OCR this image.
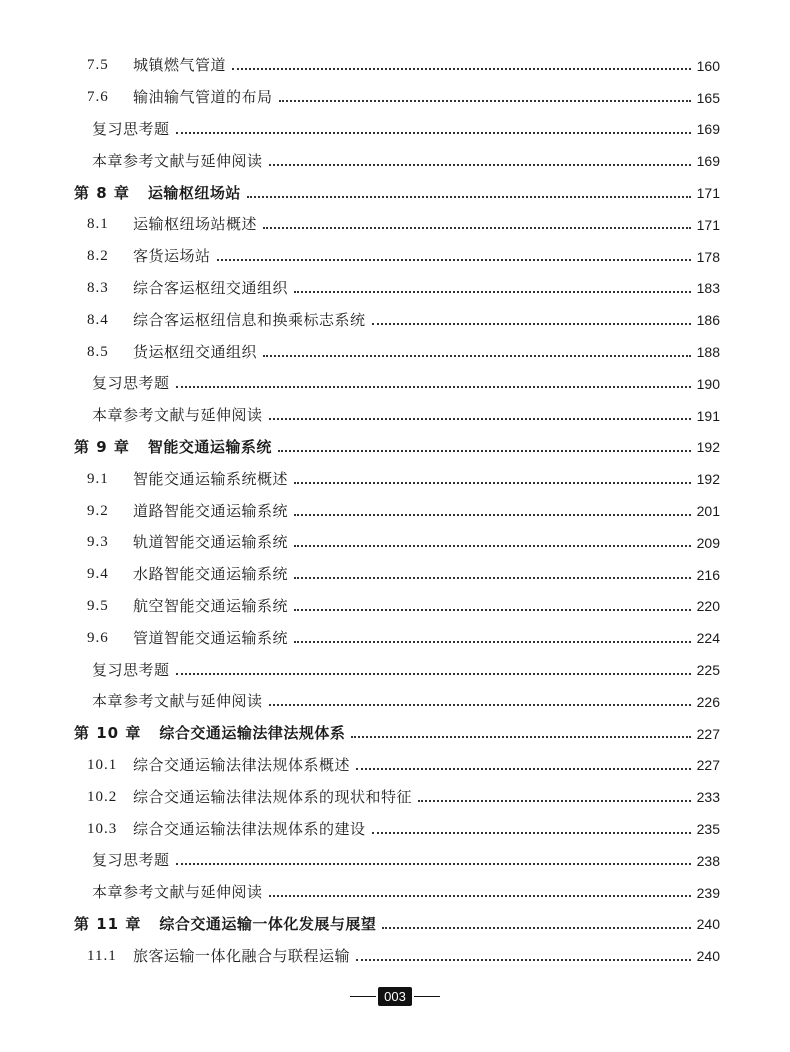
7.5	城镇燃气管道	160
7.6	输油输气管道的布局	165
复习思考题	169
本章参考文献与延伸阅读	169
第 8 章 运输枢纽场站	171
8.1	运输枢纽场站概述	171
8.2	客货运场站	178
8.3	综合客运枢纽交通组织	183
8.4	综合客运枢纽信息和换乘标志系统	186
8.5	货运枢纽交通组织	188
复习思考题	190
本章参考文献与延伸阅读	191
第 9 章 智能交通运输系统	192
9.1	智能交通运输系统概述	192
9.2	道路智能交通运输系统	201
9.3	轨道智能交通运输系统	209
9.4	水路智能交通运输系统	216
9.5	航空智能交通运输系统	220
9.6	管道智能交通运输系统	224
复习思考题	225
本章参考文献与延伸阅读	226
第 10 章 综合交通运输法律法规体系	227
10.1	综合交通运输法律法规体系概述	227
10.2	综合交通运输法律法规体系的现状和特征	233
10.3	综合交通运输法律法规体系的建设	235
复习思考题	238
本章参考文献与延伸阅读	239
第 11 章 综合交通运输一体化发展与展望	240
11.1	旅客运输一体化融合与联程运输	240
003
